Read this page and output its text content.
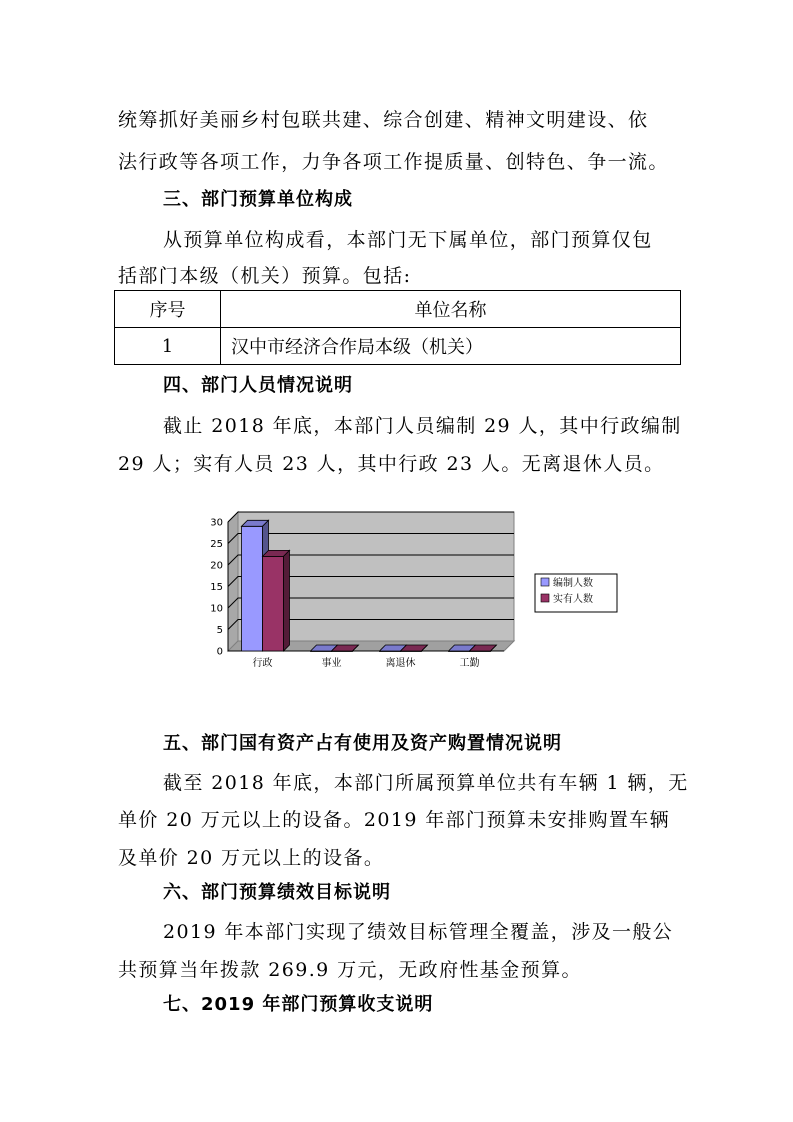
统筹抓好美丽乡村包联共建、综合创建、精神文明建设、依
法行政等各项工作，力争各项工作提质量、创特色、争一流。
三、部门预算单位构成
从预算单位构成看，本部门无下属单位，部门预算仅包
括部门本级（机关）预算。包括:
序号	单位名称
1	汉中市经济合作局本级（机关）
四、部门人员情况说明
截止 2018 年底，本部门人员编制 29 人，其中行政编制
29 人；实有人员 23 人，其中行政 23 人。无离退休人员。
0
5
10
15
20
25
30
行政	事业	离退休	工勤
编制人数
实有人数
五、部门国有资产占有使用及资产购置情况说明
截至 2018 年底，本部门所属预算单位共有车辆 1 辆，无
单价 20 万元以上的设备。2019 年部门预算未安排购置车辆
及单价 20 万元以上的设备。
六、部门预算绩效目标说明
2019 年本部门实现了绩效目标管理全覆盖，涉及一般公
共预算当年拨款 269.9 万元，无政府性基金预算。
七、2019 年部门预算收支说明
